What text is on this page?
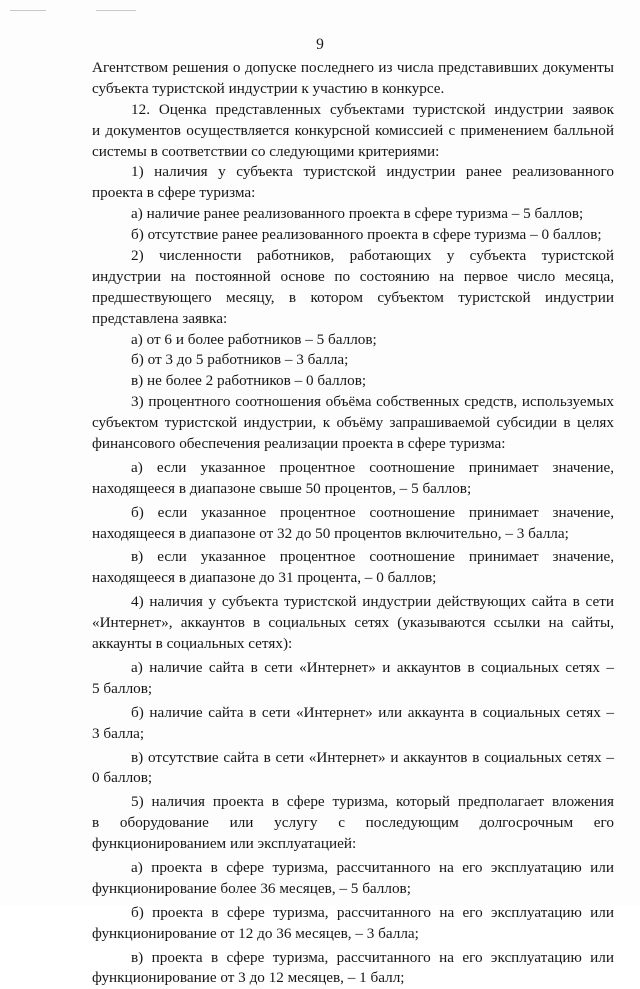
9
Агентством решения о допуске последнего из числа представивших документы
субъекта туристской индустрии к участию в конкурсе.
12. Оценка представленных субъектами туристской индустрии заявок
и документов осуществляется конкурсной комиссией с применением балльной
системы в соответствии со следующими критериями:
1) наличия у субъекта туристской индустрии ранее реализованного
проекта в сфере туризма:
а) наличие ранее реализованного проекта в сфере туризма – 5 баллов;
б) отсутствие ранее реализованного проекта в сфере туризма – 0 баллов;
2) численности работников, работающих у субъекта туристской
индустрии на постоянной основе по состоянию на первое число месяца,
предшествующего месяцу, в котором субъектом туристской индустрии
представлена заявка:
а) от 6 и более работников – 5 баллов;
б) от 3 до 5 работников – 3 балла;
в) не более 2 работников – 0 баллов;
3) процентного соотношения объёма собственных средств, используемых
субъектом туристской индустрии, к объёму запрашиваемой субсидии в целях
финансового обеспечения реализации проекта в сфере туризма:
а) если указанное процентное соотношение принимает значение,
находящееся в диапазоне свыше 50 процентов, – 5 баллов;
б) если указанное процентное соотношение принимает значение,
находящееся в диапазоне от 32 до 50 процентов включительно, – 3 балла;
в) если указанное процентное соотношение принимает значение,
находящееся в диапазоне до 31 процента, – 0 баллов;
4) наличия у субъекта туристской индустрии действующих сайта в сети
«Интернет», аккаунтов в социальных сетях (указываются ссылки на сайты,
аккаунты в социальных сетях):
а) наличие сайта в сети «Интернет» и аккаунтов в социальных сетях –
5 баллов;
б) наличие сайта в сети «Интернет» или аккаунта в социальных сетях –
3 балла;
в) отсутствие сайта в сети «Интернет» и аккаунтов в социальных сетях –
0 баллов;
5) наличия проекта в сфере туризма, который предполагает вложения
в оборудование или услугу с последующим долгосрочным его
функционированием или эксплуатацией:
а) проекта в сфере туризма, рассчитанного на его эксплуатацию или
функционирование более 36 месяцев, – 5 баллов;
б) проекта в сфере туризма, рассчитанного на его эксплуатацию или
функционирование от 12 до 36 месяцев, – 3 балла;
в) проекта в сфере туризма, рассчитанного на его эксплуатацию или
функционирование от 3 до 12 месяцев, – 1 балл;
